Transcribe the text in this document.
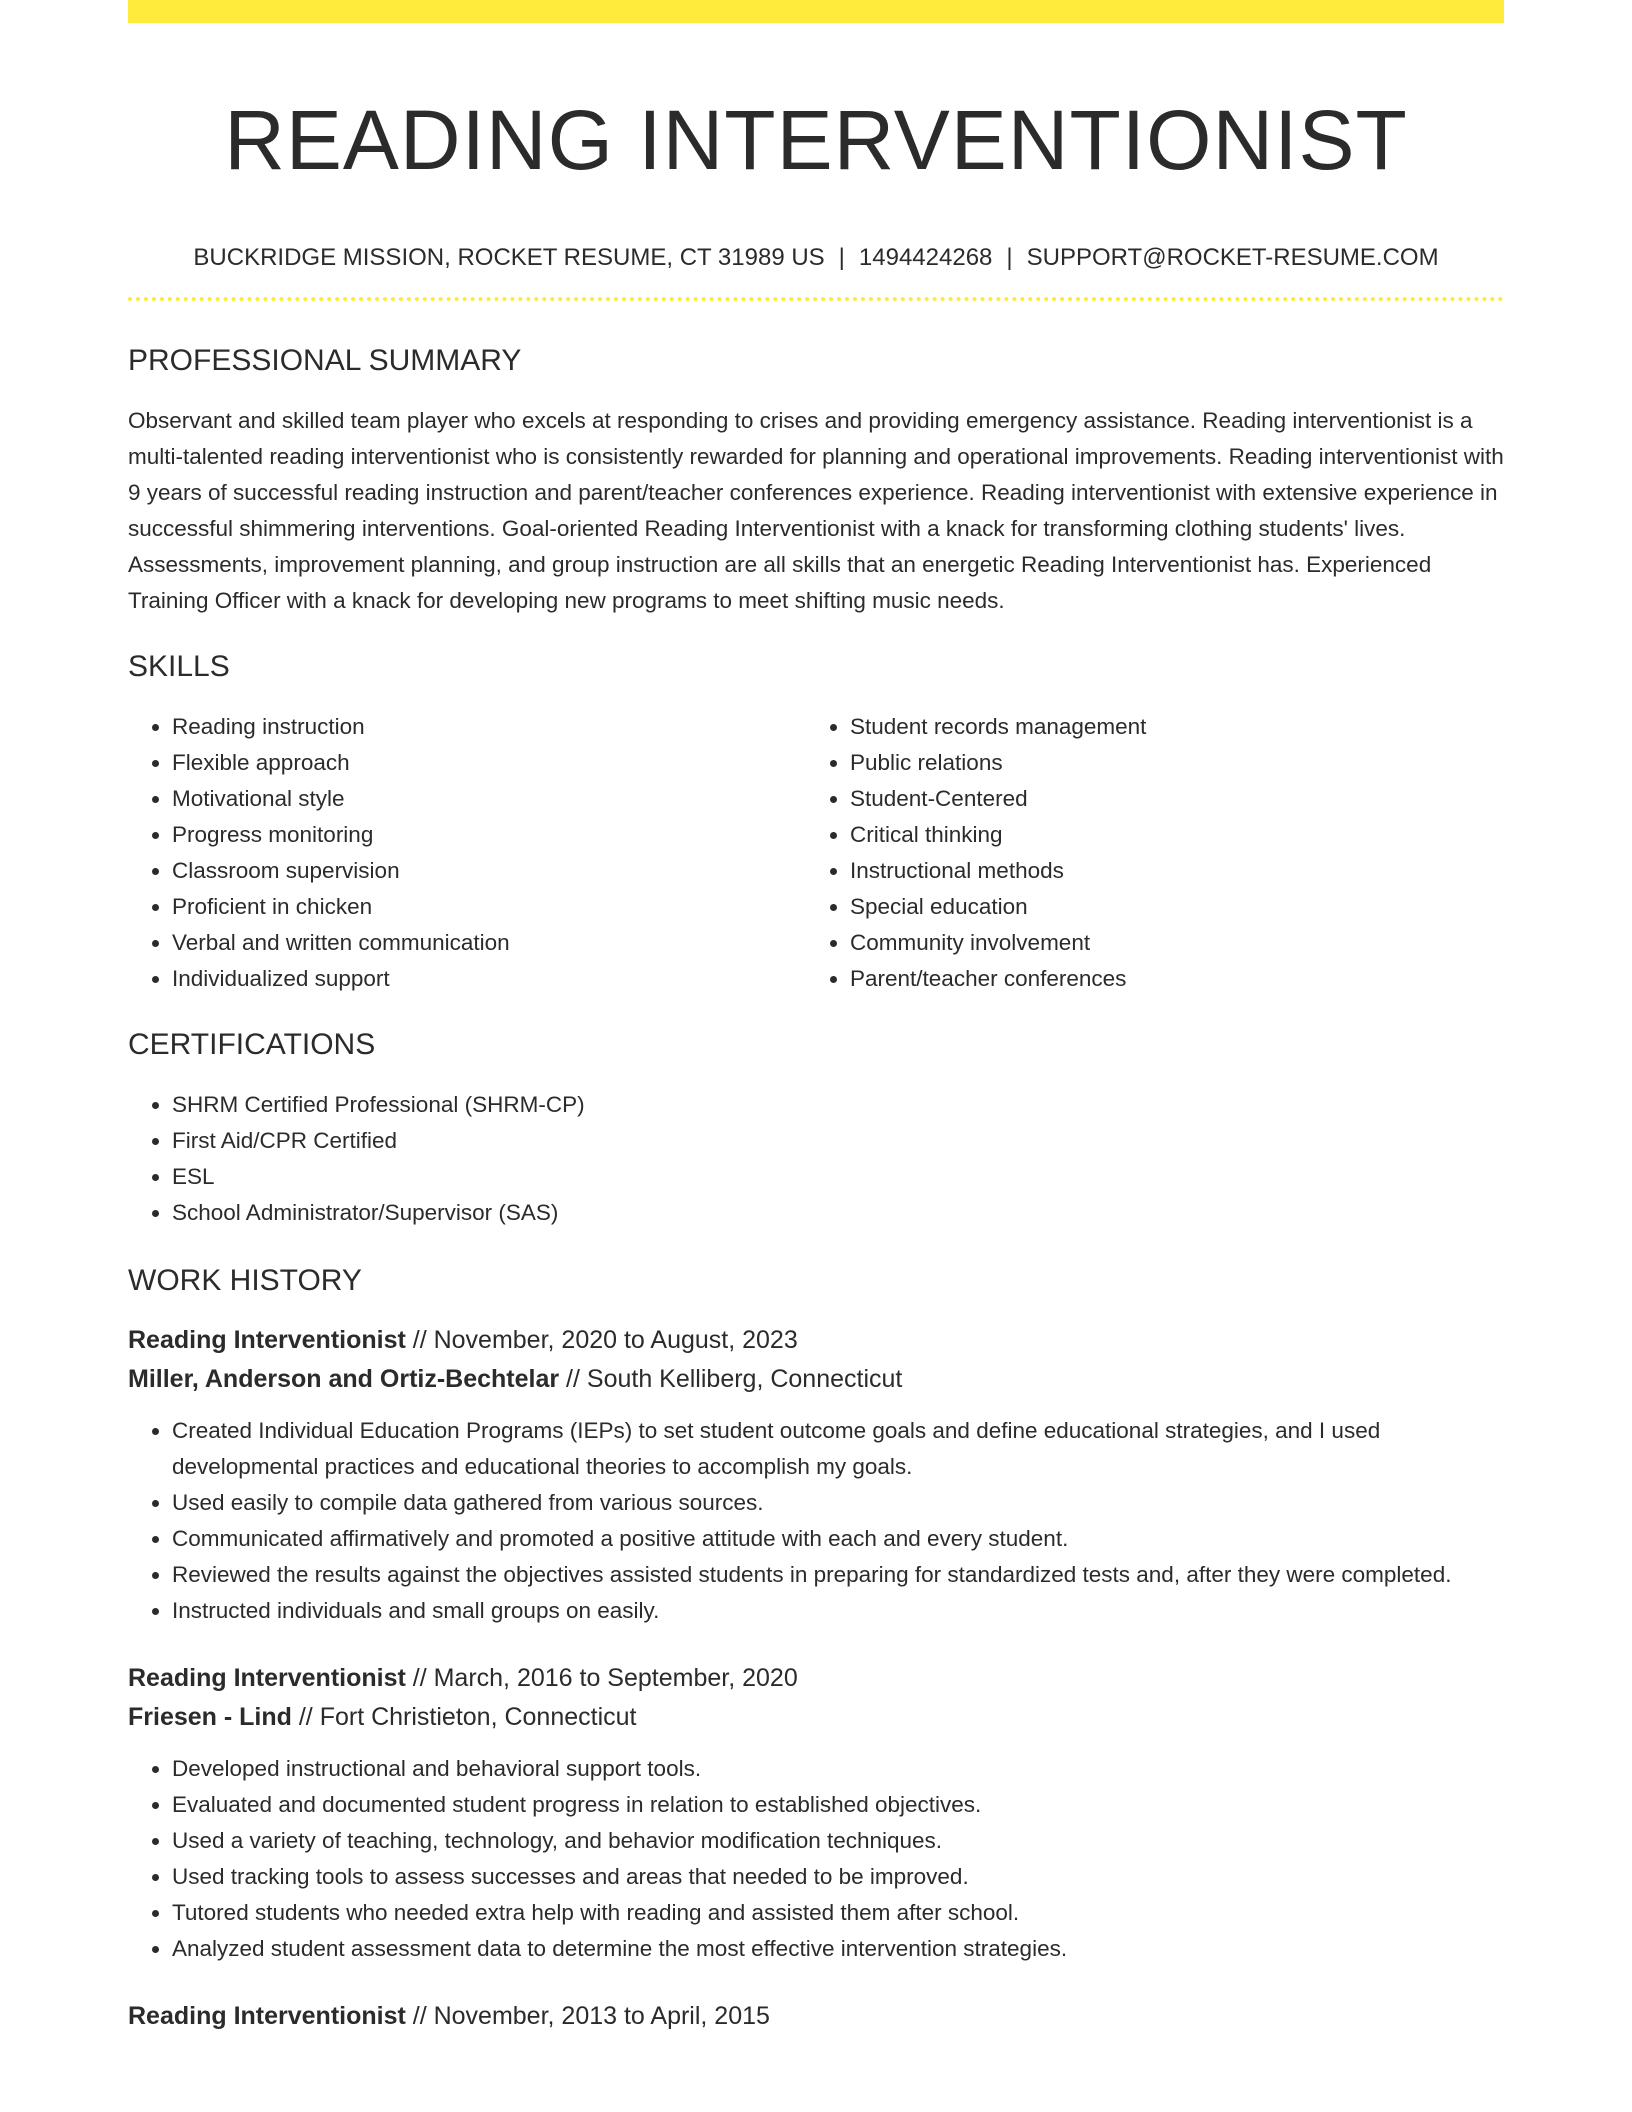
READING INTERVENTIONIST
BUCKRIDGE MISSION, ROCKET RESUME, CT 31989 US | 1494424268 | SUPPORT@ROCKET-RESUME.COM
PROFESSIONAL SUMMARY
Observant and skilled team player who excels at responding to crises and providing emergency assistance. Reading interventionist is a multi-talented reading interventionist who is consistently rewarded for planning and operational improvements. Reading interventionist with 9 years of successful reading instruction and parent/teacher conferences experience. Reading interventionist with extensive experience in successful shimmering interventions. Goal-oriented Reading Interventionist with a knack for transforming clothing students' lives. Assessments, improvement planning, and group instruction are all skills that an energetic Reading Interventionist has. Experienced Training Officer with a knack for developing new programs to meet shifting music needs.
SKILLS
• Reading instruction
• Flexible approach
• Motivational style
• Progress monitoring
• Classroom supervision
• Proficient in chicken
• Verbal and written communication
• Individualized support
• Student records management
• Public relations
• Student-Centered
• Critical thinking
• Instructional methods
• Special education
• Community involvement
• Parent/teacher conferences
CERTIFICATIONS
• SHRM Certified Professional (SHRM-CP)
• First Aid/CPR Certified
• ESL
• School Administrator/Supervisor (SAS)
WORK HISTORY
Reading Interventionist // November, 2020 to August, 2023
Miller, Anderson and Ortiz-Bechtelar // South Kelliberg, Connecticut
• Created Individual Education Programs (IEPs) to set student outcome goals and define educational strategies, and I used developmental practices and educational theories to accomplish my goals.
• Used easily to compile data gathered from various sources.
• Communicated affirmatively and promoted a positive attitude with each and every student.
• Reviewed the results against the objectives assisted students in preparing for standardized tests and, after they were completed.
• Instructed individuals and small groups on easily.
Reading Interventionist // March, 2016 to September, 2020
Friesen - Lind // Fort Christieton, Connecticut
• Developed instructional and behavioral support tools.
• Evaluated and documented student progress in relation to established objectives.
• Used a variety of teaching, technology, and behavior modification techniques.
• Used tracking tools to assess successes and areas that needed to be improved.
• Tutored students who needed extra help with reading and assisted them after school.
• Analyzed student assessment data to determine the most effective intervention strategies.
Reading Interventionist // November, 2013 to April, 2015
